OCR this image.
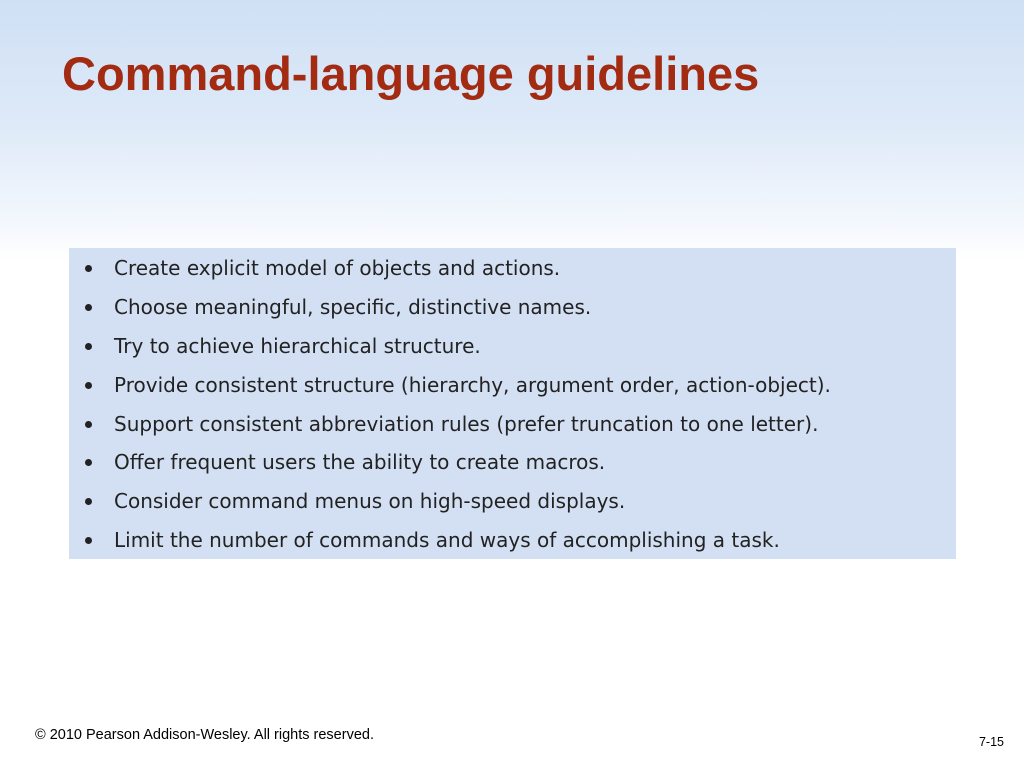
Command-language guidelines
Create explicit model of objects and actions.
Choose meaningful, specific, distinctive names.
Try to achieve hierarchical structure.
Provide consistent structure (hierarchy, argument order, action-object).
Support consistent abbreviation rules (prefer truncation to one letter).
Offer frequent users the ability to create macros.
Consider command menus on high-speed displays.
Limit the number of commands and ways of accomplishing a task.
© 2010 Pearson Addison-Wesley. All rights reserved.	7-15
